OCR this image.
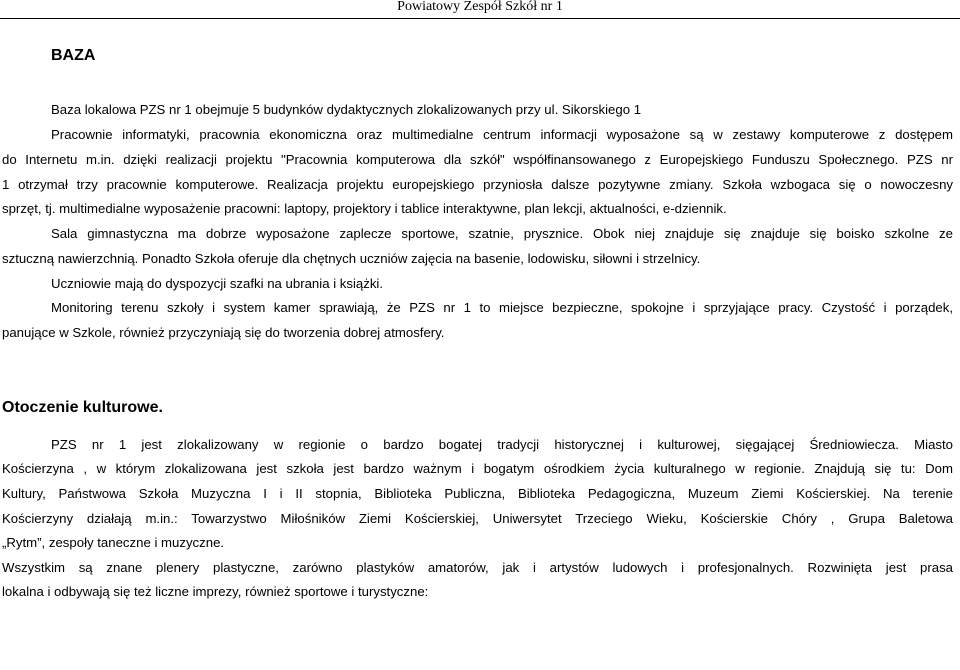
Powiatowy Zespół Szkół nr 1
BAZA

Baza lokalowa PZS nr 1 obejmuje 5 budynków dydaktycznych zlokalizowanych przy ul. Sikorskiego 1

Pracownie informatyki, pracownia ekonomiczna oraz multimedialne centrum informacji wyposażone są w zestawy komputerowe z dostępem

do Internetu m.in. dzięki realizacji projektu "Pracownia komputerowa dla szkół" współfinansowanego z Europejskiego Funduszu Społecznego. PZS nr

1 otrzymał trzy pracownie komputerowe. Realizacja projektu europejskiego przyniosła dalsze pozytywne zmiany. Szkoła wzbogaca się o nowoczesny

sprzęt, tj. multimedialne wyposażenie pracowni: laptopy, projektory i tablice interaktywne, plan lekcji, aktualności, e-dziennik.

Sala gimnastyczna ma dobrze wyposażone zaplecze sportowe, szatnie, prysznice. Obok niej znajduje się znajduje się boisko szkolne ze

sztuczną nawierzchnią. Ponadto Szkoła oferuje dla chętnych uczniów zajęcia na basenie, lodowisku, siłowni i strzelnicy.

Uczniowie mają do dyspozycji szafki na ubrania i książki.

Monitoring terenu szkoły i system kamer sprawiają, że PZS nr 1 to miejsce bezpieczne, spokojne i sprzyjające pracy. Czystość i porządek,

panujące w Szkole, również przyczyniają się do tworzenia dobrej atmosfery.

Otoczenie kulturowe.

PZS nr 1 jest zlokalizowany w regionie o bardzo bogatej tradycji historycznej i kulturowej, sięgającej Średniowiecza. Miasto

Kościerzyna , w którym zlokalizowana jest szkoła jest bardzo ważnym i bogatym ośrodkiem życia kulturalnego w regionie. Znajdują się tu: Dom

Kultury, Państwowa Szkoła Muzyczna I i II stopnia, Biblioteka Publiczna, Biblioteka Pedagogiczna, Muzeum Ziemi Kościerskiej. Na terenie

Kościerzyny działają m.in.: Towarzystwo Miłośników Ziemi Kościerskiej, Uniwersytet Trzeciego Wieku, Kościerskie Chóry , Grupa Baletowa

„Rytm”, zespoły taneczne i muzyczne.

Wszystkim są znane plenery plastyczne, zarówno plastyków amatorów, jak i artystów ludowych i profesjonalnych. Rozwinięta jest prasa

lokalna i odbywają się też liczne imprezy, również sportowe i turystyczne:
